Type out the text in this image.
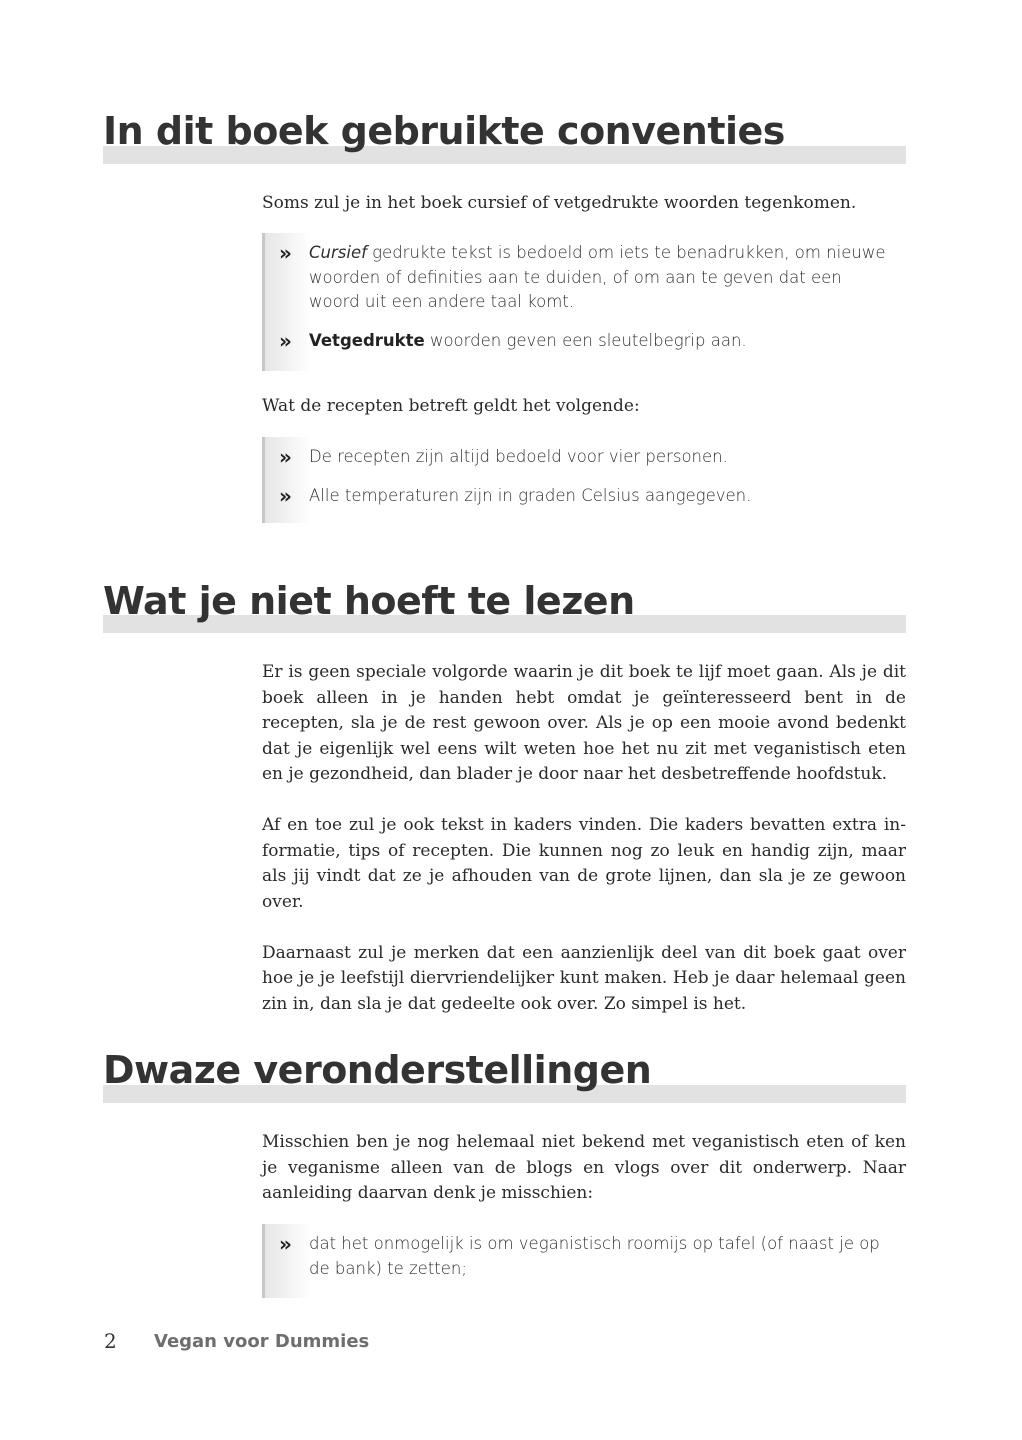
In dit boek gebruikte conventies
Soms zul je in het boek cursief of vetgedrukte woorden tegenkomen.
» Cursief gedrukte tekst is bedoeld om iets te benadrukken, om nieuwe woorden of definities aan te duiden, of om aan te geven dat een woord uit een andere taal komt.
» Vetgedrukte woorden geven een sleutelbegrip aan.
Wat de recepten betreft geldt het volgende:
» De recepten zijn altijd bedoeld voor vier personen.
» Alle temperaturen zijn in graden Celsius aangegeven.
Wat je niet hoeft te lezen

Er is geen speciale volgorde waarin je dit boek te lijf moet gaan. Als je dit boek alleen in je handen hebt omdat je geïnteresseerd bent in de recepten, sla je de rest gewoon over. Als je op een mooie avond bedenkt dat je eigenlijk wel eens wilt weten hoe het nu zit met veganistisch eten en je gezondheid, dan blader je door naar het desbetreffende hoofdstuk.

Af en toe zul je ook tekst in kaders vinden. Die kaders bevatten extra informatie, tips of recepten. Die kunnen nog zo leuk en handig zijn, maar als jij vindt dat ze je afhouden van de grote lijnen, dan sla je ze gewoon over.

Daarnaast zul je merken dat een aanzienlijk deel van dit boek gaat over hoe je je leefstijl diervriendelijker kunt maken. Heb je daar helemaal geen zin in, dan sla je dat gedeelte ook over. Zo simpel is het.

Dwaze veronderstellingen

Misschien ben je nog helemaal niet bekend met veganistisch eten of ken je veganisme alleen van de blogs en vlogs over dit onderwerp. Naar aanleiding daarvan denk je misschien:

» dat het onmogelijk is om veganistisch roomijs op tafel (of naast je op de bank) te zetten;
2 Vegan voor Dummies
